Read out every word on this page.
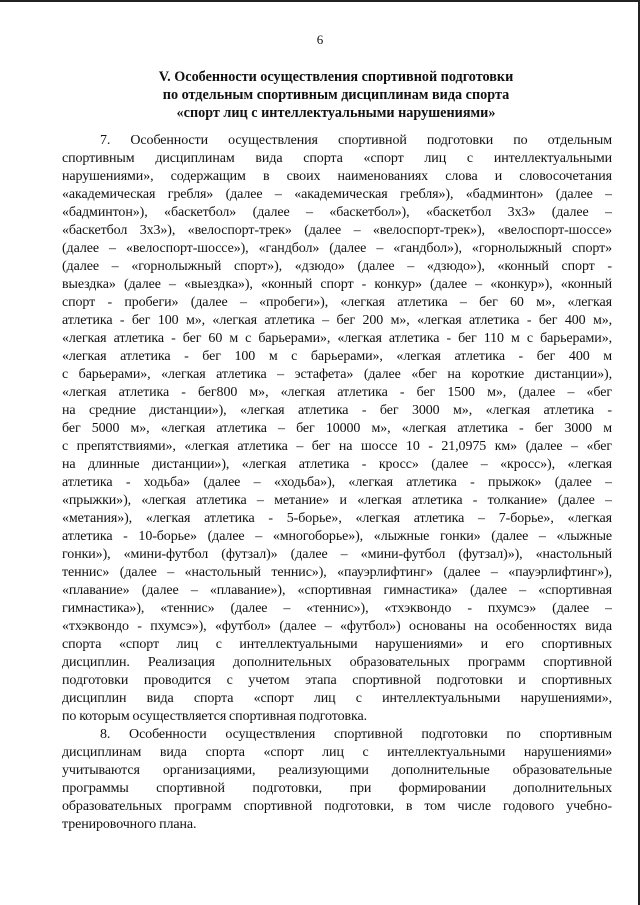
6
V. Особенности осуществления спортивной подготовки
по отдельным спортивным дисциплинам вида спорта
«спорт лиц с интеллектуальными нарушениями»
7. Особенности осуществления спортивной подготовки по отдельным
спортивным дисциплинам вида спорта «спорт лиц с интеллектуальными
нарушениями», содержащим в своих наименованиях слова и словосочетания
«академическая гребля» (далее – «академическая гребля»), «бадминтон» (далее –
«бадминтон»), «баскетбол» (далее – «баскетбол»), «баскетбол 3х3» (далее –
«баскетбол 3х3»), «велоспорт-трек» (далее – «велоспорт-трек»), «велоспорт-шоссе»
(далее – «велоспорт-шоссе»), «гандбол» (далее – «гандбол»), «горнолыжный спорт»
(далее – «горнолыжный спорт»), «дзюдо» (далее – «дзюдо»), «конный спорт -
выездка» (далее – «выездка»), «конный спорт - конкур» (далее – «конкур»), «конный
спорт - пробеги» (далее – «пробеги»), «легкая атлетика – бег 60 м», «легкая
атлетика - бег 100 м», «легкая атлетика – бег 200 м», «легкая атлетика - бег 400 м»,
«легкая атлетика - бег 60 м с барьерами», «легкая атлетика - бег 110 м с барьерами»,
«легкая атлетика - бег 100 м с барьерами», «легкая атлетика - бег 400 м
с барьерами», «легкая атлетика – эстафета» (далее «бег на короткие дистанции»),
«легкая атлетика - бег800 м», «легкая атлетика - бег 1500 м», (далее – «бег
на средние дистанции»), «легкая атлетика - бег 3000 м», «легкая атлетика -
бег 5000 м», «легкая атлетика – бег 10000 м», «легкая атлетика - бег 3000 м
с препятствиями», «легкая атлетика – бег на шоссе 10 - 21,0975 км» (далее – «бег
на длинные дистанции»), «легкая атлетика - кросс» (далее – «кросс»), «легкая
атлетика - ходьба» (далее – «ходьба»), «легкая атлетика - прыжок» (далее –
«прыжки»), «легкая атлетика – метание» и «легкая атлетика - толкание» (далее –
«метания»), «легкая атлетика - 5-борье», «легкая атлетика – 7-борье», «легкая
атлетика - 10-борье» (далее – «многоборье»), «лыжные гонки» (далее – «лыжные
гонки»), «мини-футбол (футзал)» (далее – «мини-футбол (футзал)»), «настольный
теннис» (далее – «настольный теннис»), «пауэрлифтинг» (далее – «пауэрлифтинг»),
«плавание» (далее – «плавание»), «спортивная гимнастика» (далее – «спортивная
гимнастика»), «теннис» (далее – «теннис»), «тхэквондо - пхумсэ» (далее –
«тхэквондо - пхумсэ»), «футбол» (далее – «футбол») основаны на особенностях вида
спорта «спорт лиц с интеллектуальными нарушениями» и его спортивных
дисциплин. Реализация дополнительных образовательных программ спортивной
подготовки проводится с учетом этапа спортивной подготовки и спортивных
дисциплин вида спорта «спорт лиц с интеллектуальными нарушениями»,
по которым осуществляется спортивная подготовка.
8. Особенности осуществления спортивной подготовки по спортивным
дисциплинам вида спорта «спорт лиц с интеллектуальными нарушениями»
учитываются организациями, реализующими дополнительные образовательные
программы спортивной подготовки, при формировании дополнительных
образовательных программ спортивной подготовки, в том числе годового учебно-
тренировочного плана.
